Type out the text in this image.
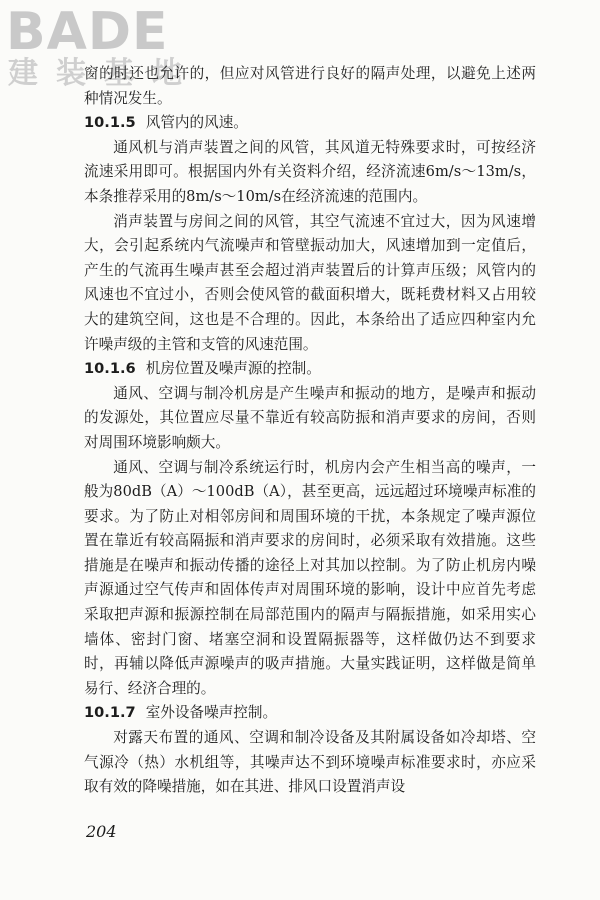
BADE
建装基地

窗的时还也允许的，但应对风管进行良好的隔声处理，以避免上述两种情况发生。

10.1.5 风管内的风速。

通风机与消声装置之间的风管，其风道无特殊要求时，可按经济流速采用即可。根据国内外有关资料介绍，经济流速6m/s～13m/s，本条推荐采用的8m/s～10m/s在经济流速的范围内。

消声装置与房间之间的风管，其空气流速不宜过大，因为风速增大，会引起系统内气流噪声和管壁振动加大，风速增加到一定值后，产生的气流再生噪声甚至会超过消声装置后的计算声压级；风管内的风速也不宜过小，否则会使风管的截面积增大，既耗费材料又占用较大的建筑空间，这也是不合理的。因此，本条给出了适应四种室内允许噪声级的主管和支管的风速范围。

10.1.6 机房位置及噪声源的控制。

通风、空调与制冷机房是产生噪声和振动的地方，是噪声和振动的发源处，其位置应尽量不靠近有较高防振和消声要求的房间，否则对周围环境影响颇大。

通风、空调与制冷系统运行时，机房内会产生相当高的噪声，一般为80dB（A）～100dB（A），甚至更高，远远超过环境噪声标准的要求。为了防止对相邻房间和周围环境的干扰，本条规定了噪声源位置在靠近有较高隔振和消声要求的房间时，必须采取有效措施。这些措施是在噪声和振动传播的途径上对其加以控制。为了防止机房内噪声源通过空气传声和固体传声对周围环境的影响，设计中应首先考虑采取把声源和振源控制在局部范围内的隔声与隔振措施，如采用实心墙体、密封门窗、堵塞空洞和设置隔振器等，这样做仍达不到要求时，再辅以降低声源噪声的吸声措施。大量实践证明，这样做是简单易行、经济合理的。

10.1.7 室外设备噪声控制。

对露天布置的通风、空调和制冷设备及其附属设备如冷却塔、空气源冷（热）水机组等，其噪声达不到环境噪声标准要求时，亦应采取有效的降噪措施，如在其进、排风口设置消声设

204
